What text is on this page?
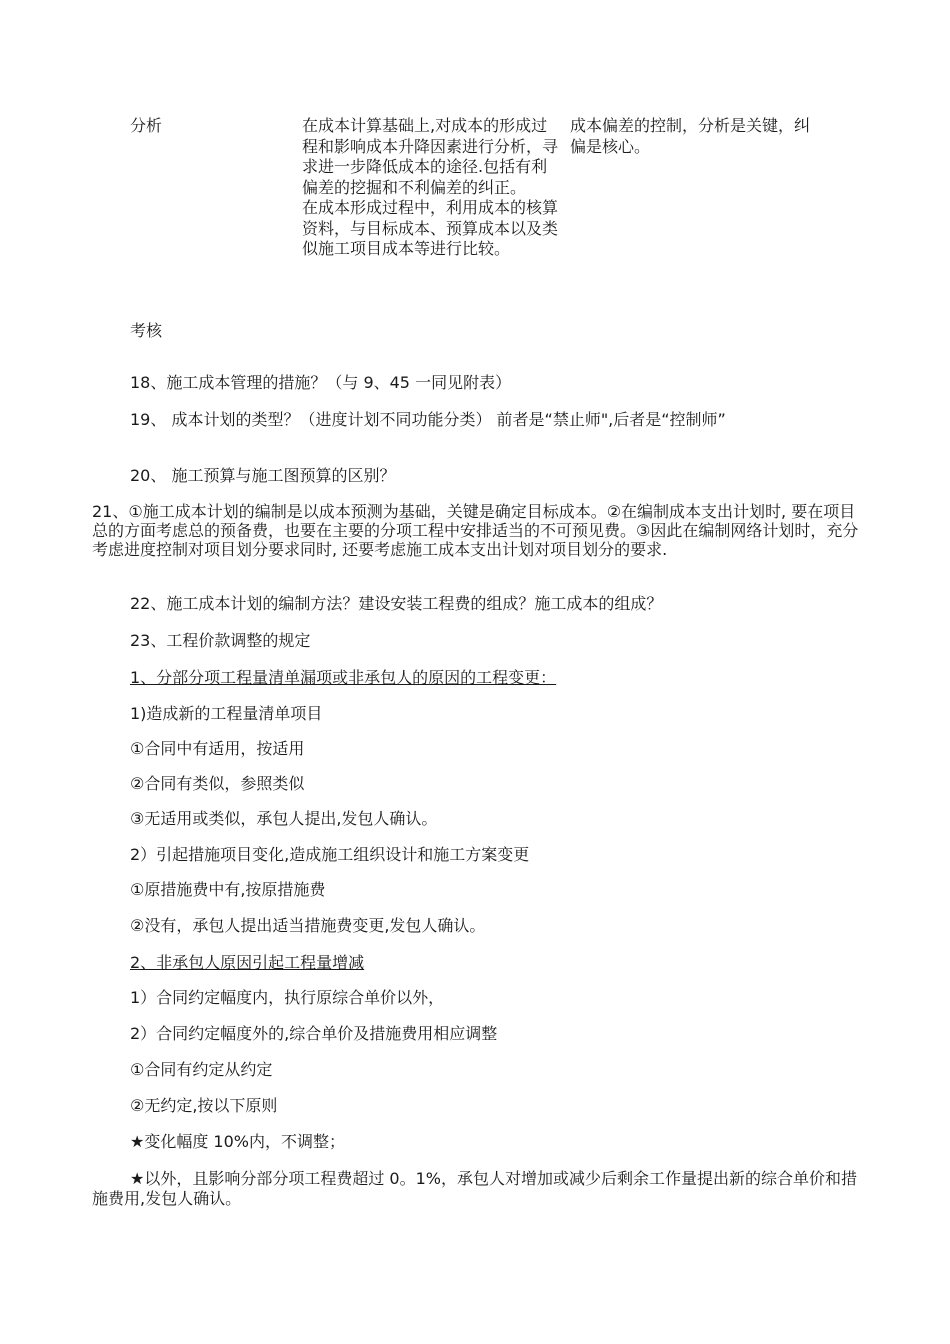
分析	在成本计算基础上,对成本的形成过程和影响成本升降因素进行分析，寻求进一步降低成本的途径.包括有利偏差的挖掘和不利偏差的纠正。
在成本形成过程中，利用成本的核算资料，与目标成本、预算成本以及类似施工项目成本等进行比较。
成本偏差的控制，分析是关键，纠偏是核心。
考核
18、施工成本管理的措施？（与 9、45 一同见附表）
19、 成本计划的类型？（进度计划不同功能分类） 前者是“禁止师",后者是“控制师”
20、 施工预算与施工图预算的区别？
21、①施工成本计划的编制是以成本预测为基础，关键是确定目标成本。②在编制成本支出计划时, 要在项目总的方面考虑总的预备费，也要在主要的分项工程中安排适当的不可预见费。③因此在编制网络计划时，充分考虑进度控制对项目划分要求同时, 还要考虑施工成本支出计划对项目划分的要求.
22、施工成本计划的编制方法？建设安装工程费的组成？施工成本的组成？
23、工程价款调整的规定
1、分部分项工程量清单漏项或非承包人的原因的工程变更：
1)造成新的工程量清单项目
①合同中有适用，按适用
②合同有类似，参照类似
③无适用或类似，承包人提出,发包人确认。
2）引起措施项目变化,造成施工组织设计和施工方案变更
①原措施费中有,按原措施费
②没有，承包人提出适当措施费变更,发包人确认。
2、非承包人原因引起工程量增减
1）合同约定幅度内，执行原综合单价以外，
2）合同约定幅度外的,综合单价及措施费用相应调整
①合同有约定从约定
②无约定,按以下原则
★变化幅度 10%内，不调整；
★以外，且影响分部分项工程费超过 0。1%，承包人对增加或减少后剩余工作量提出新的综合单价和措施费用,发包人确认。
